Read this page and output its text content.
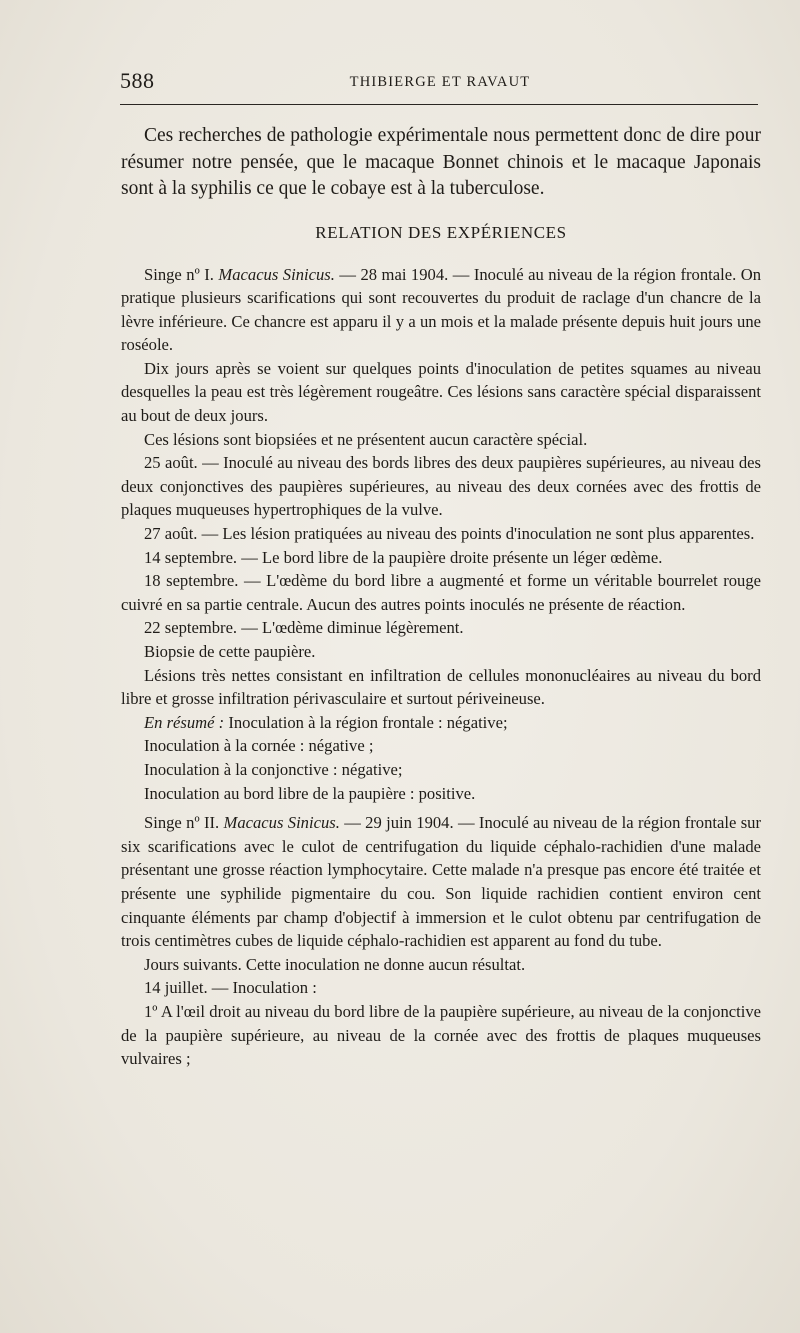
588	THIBIERGE ET RAVAUT

Ces recherches de pathologie expérimentale nous permettent donc de dire pour résumer notre pensée, que le macaque Bonnet chinois et le macaque Japonais sont à la syphilis ce que le cobaye est à la tuberculose.

RELATION DES EXPÉRIENCES

Singe nº I. Macacus Sinicus. — 28 mai 1904. — Inoculé au niveau de la région frontale. On pratique plusieurs scarifications qui sont recouvertes du produit de raclage d'un chancre de la lèvre inférieure. Ce chancre est apparu il y a un mois et la malade présente depuis huit jours une roséole.

Dix jours après se voient sur quelques points d'inoculation de petites squames au niveau desquelles la peau est très légèrement rougeâtre. Ces lésions sans caractère spécial disparaissent au bout de deux jours.

Ces lésions sont biopsiées et ne présentent aucun caractère spécial.

25 août. — Inoculé au niveau des bords libres des deux paupières supérieures, au niveau des deux conjonctives des paupières supérieures, au niveau des deux cornées avec des frottis de plaques muqueuses hypertrophiques de la vulve.

27 août. — Les lésion pratiquées au niveau des points d'inoculation ne sont plus apparentes.

14 septembre. — Le bord libre de la paupière droite présente un léger œdème.

18 septembre. — L'œdème du bord libre a augmenté et forme un véritable bourrelet rouge cuivré en sa partie centrale. Aucun des autres points inoculés ne présente de réaction.

22 septembre. — L'œdème diminue légèrement.

Biopsie de cette paupière.

Lésions très nettes consistant en infiltration de cellules mononucléaires au niveau du bord libre et grosse infiltration périvasculaire et surtout périveineuse.

En résumé : Inoculation à la région frontale : négative;

Inoculation à la cornée : négative ;

Inoculation à la conjonctive : négative;

Inoculation au bord libre de la paupière : positive.

Singe nº II. Macacus Sinicus. — 29 juin 1904. — Inoculé au niveau de la région frontale sur six scarifications avec le culot de centrifugation du liquide céphalo-rachidien d'une malade présentant une grosse réaction lymphocytaire. Cette malade n'a presque pas encore été traitée et présente une syphilide pigmentaire du cou. Son liquide rachidien contient environ cent cinquante éléments par champ d'objectif à immersion et le culot obtenu par centrifugation de trois centimètres cubes de liquide céphalo-rachidien est apparent au fond du tube.

Jours suivants. Cette inoculation ne donne aucun résultat.

14 juillet. — Inoculation :

1º A l'œil droit au niveau du bord libre de la paupière supérieure, au niveau de la conjonctive de la paupière supérieure, au niveau de la cornée avec des frottis de plaques muqueuses vulvaires ;
